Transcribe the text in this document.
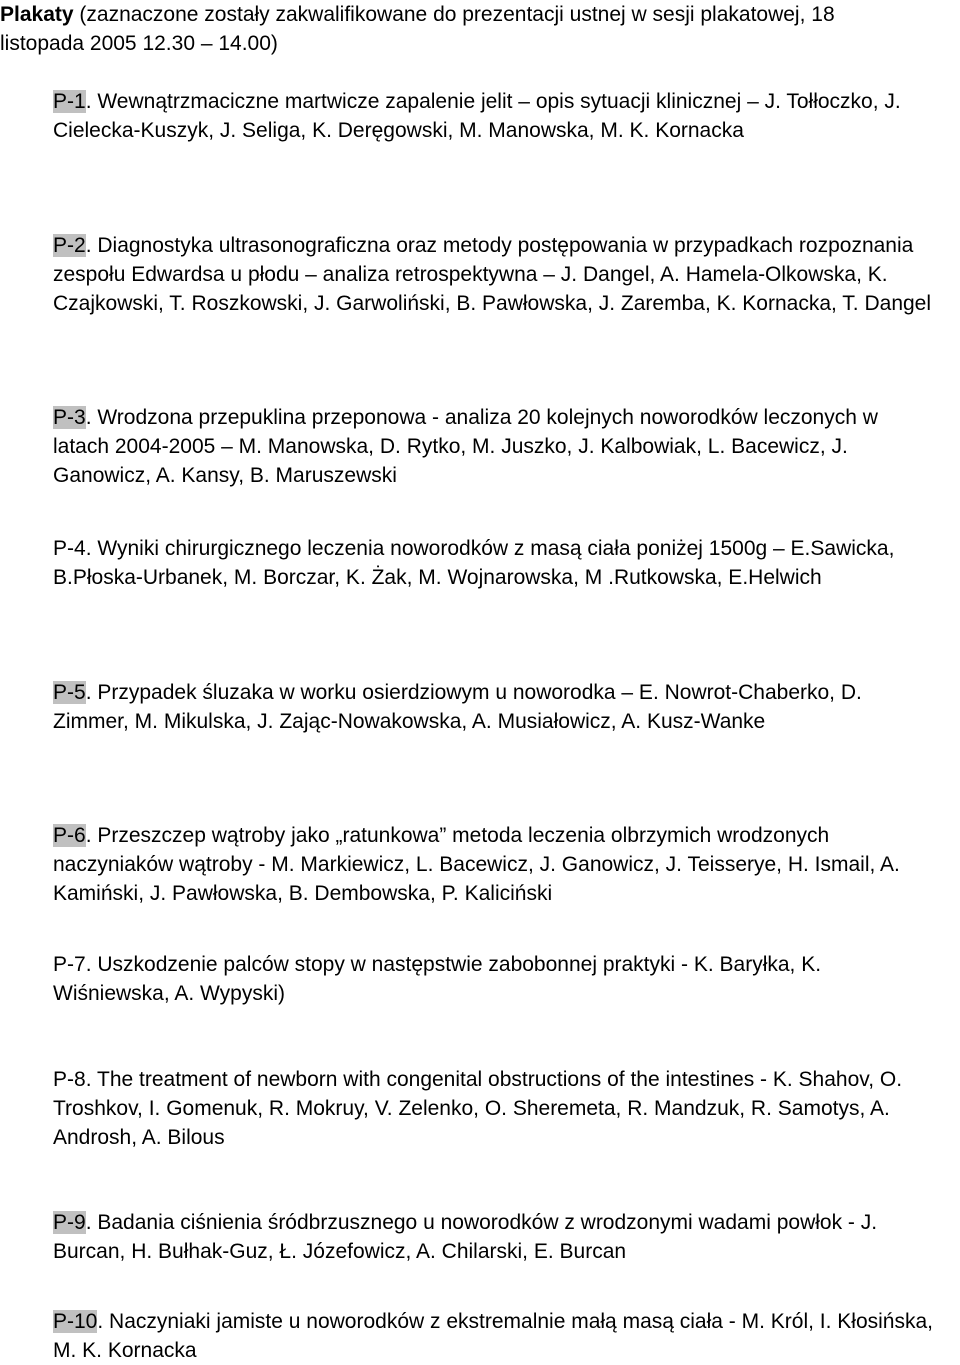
Plakaty (zaznaczone zostały zakwalifikowane do prezentacji ustnej w sesji plakatowej, 18 listopada 2005 12.30 – 14.00)
P-1. Wewnątrzmaciczne martwicze zapalenie jelit – opis sytuacji klinicznej – J. Tołłoczko, J. Cielecka-Kuszyk, J. Seliga, K. Deręgowski, M. Manowska, M. K. Kornacka
P-2. Diagnostyka ultrasonograficzna oraz metody postępowania w przypadkach rozpoznania zespołu Edwardsa u płodu – analiza retrospektywna – J. Dangel, A. Hamela-Olkowska, K. Czajkowski, T. Roszkowski, J. Garwoliński, B. Pawłowska, J. Zaremba, K. Kornacka, T. Dangel
P-3. Wrodzona przepuklina przeponowa - analiza 20 kolejnych noworodków leczonych w latach 2004-2005 – M. Manowska, D. Rytko, M. Juszko, J. Kalbowiak, L. Bacewicz, J. Ganowicz, A. Kansy, B. Maruszewski
P-4. Wyniki chirurgicznego leczenia noworodków z masą ciała poniżej 1500g – E.Sawicka, B.Płoska-Urbanek, M. Borczar, K. Żak, M. Wojnarowska, M .Rutkowska, E.Helwich
P-5. Przypadek śluzaka w worku osierdziowym u noworodka – E. Nowrot-Chaberko, D. Zimmer, M. Mikulska, J. Zając-Nowakowska, A. Musiałowicz, A. Kusz-Wanke
P-6. Przeszczep wątroby jako „ratunkowa” metoda leczenia olbrzymich wrodzonych naczyniaków wątroby - M. Markiewicz, L. Bacewicz, J. Ganowicz, J. Teisserye, H. Ismail, A. Kamiński, J. Pawłowska, B. Dembowska, P. Kaliciński
P-7. Uszkodzenie palców stopy w następstwie zabobonnej praktyki - K. Baryłka, K. Wiśniewska, A. Wypyski)
P-8. The treatment of newborn with congenital obstructions of the intestines - K. Shahov, O. Troshkov, I. Gomenuk, R. Mokruy, V. Zelenko, O. Sheremeta, R. Mandzuk, R. Samotys, A. Androsh, A. Bilous
P-9. Badania ciśnienia śródbrzusznego u noworodków z wrodzonymi wadami powłok - J. Burcan, H. Bułhak-Guz, Ł. Józefowicz, A. Chilarski, E. Burcan
P-10. Naczyniaki jamiste u noworodków z ekstremalnie małą masą ciała - M. Król, I. Kłosińska, M. K. Kornacka
